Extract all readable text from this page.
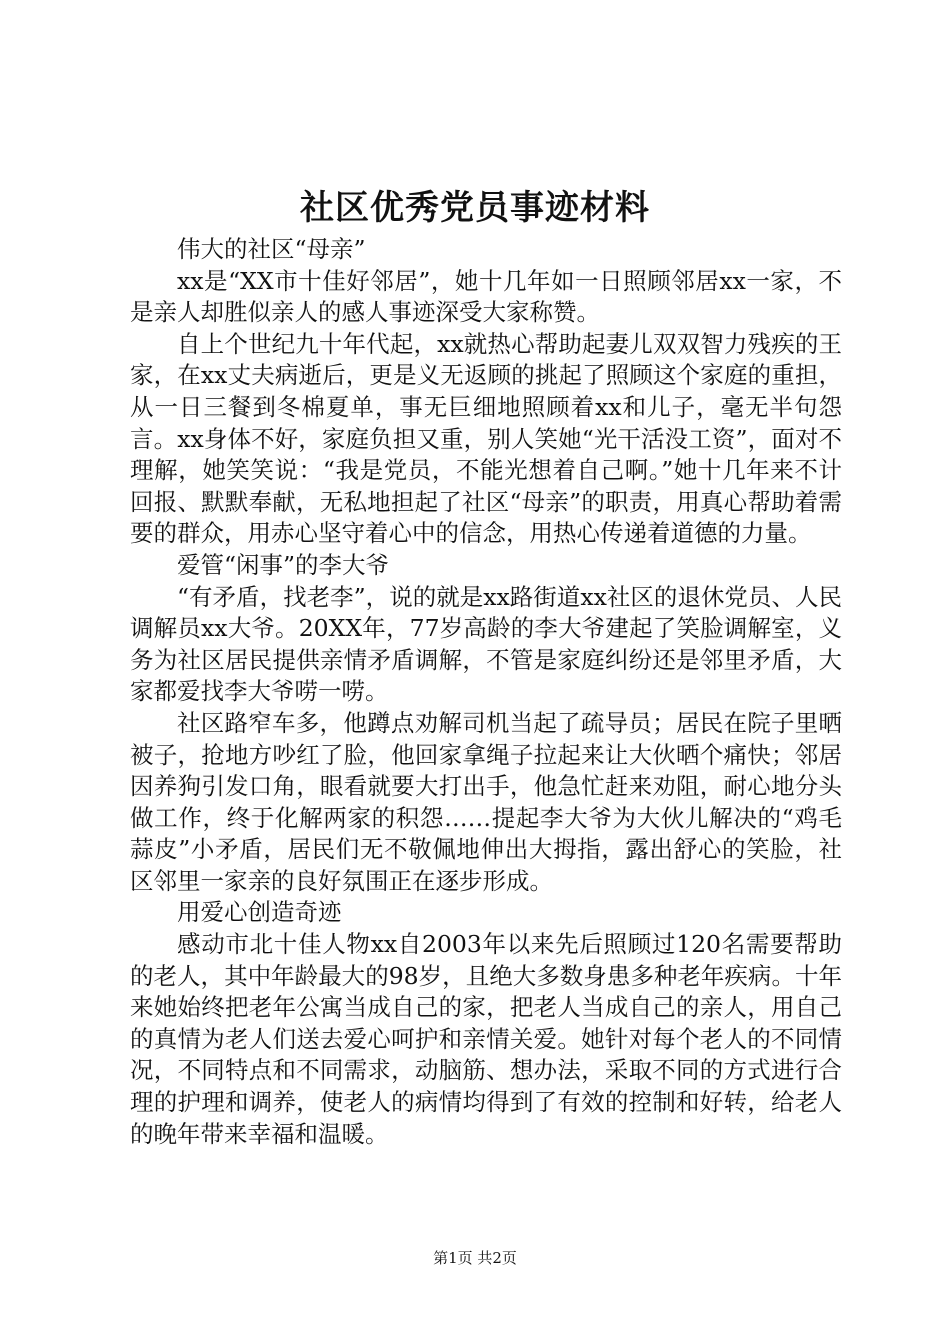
社区优秀党员事迹材料

伟大的社区“母亲”

xx是“XX市十佳好邻居”，她十几年如一日照顾邻居xx一家，不是亲人却胜似亲人的感人事迹深受大家称赞。

自上个世纪九十年代起，xx就热心帮助起妻儿双双智力残疾的王家，在xx丈夫病逝后，更是义无返顾的挑起了照顾这个家庭的重担，从一日三餐到冬棉夏单，事无巨细地照顾着xx和儿子，毫无半句怨言。xx身体不好，家庭负担又重，别人笑她“光干活没工资”，面对不理解，她笑笑说：“我是党员，不能光想着自己啊。”她十几年来不计回报、默默奉献，无私地担起了社区“母亲”的职责，用真心帮助着需要的群众，用赤心坚守着心中的信念，用热心传递着道德的力量。

爱管“闲事”的李大爷

“有矛盾，找老李”，说的就是xx路街道xx社区的退休党员、人民调解员xx大爷。20XX年，77岁高龄的李大爷建起了笑脸调解室，义务为社区居民提供亲情矛盾调解，不管是家庭纠纷还是邻里矛盾，大家都爱找李大爷唠一唠。

社区路窄车多，他蹲点劝解司机当起了疏导员；居民在院子里晒被子，抢地方吵红了脸，他回家拿绳子拉起来让大伙晒个痛快；邻居因养狗引发口角，眼看就要大打出手，他急忙赶来劝阻，耐心地分头做工作，终于化解两家的积怨……提起李大爷为大伙儿解决的“鸡毛蒜皮”小矛盾，居民们无不敬佩地伸出大拇指，露出舒心的笑脸，社区邻里一家亲的良好氛围正在逐步形成。

用爱心创造奇迹

感动市北十佳人物xx自2003年以来先后照顾过120名需要帮助的老人，其中年龄最大的98岁，且绝大多数身患多种老年疾病。十年来她始终把老年公寓当成自己的家，把老人当成自己的亲人，用自己的真情为老人们送去爱心呵护和亲情关爱。她针对每个老人的不同情况，不同特点和不同需求，动脑筋、想办法，采取不同的方式进行合理的护理和调养，使老人的病情均得到了有效的控制和好转，给老人的晚年带来幸福和温暖。

第1页 共2页
